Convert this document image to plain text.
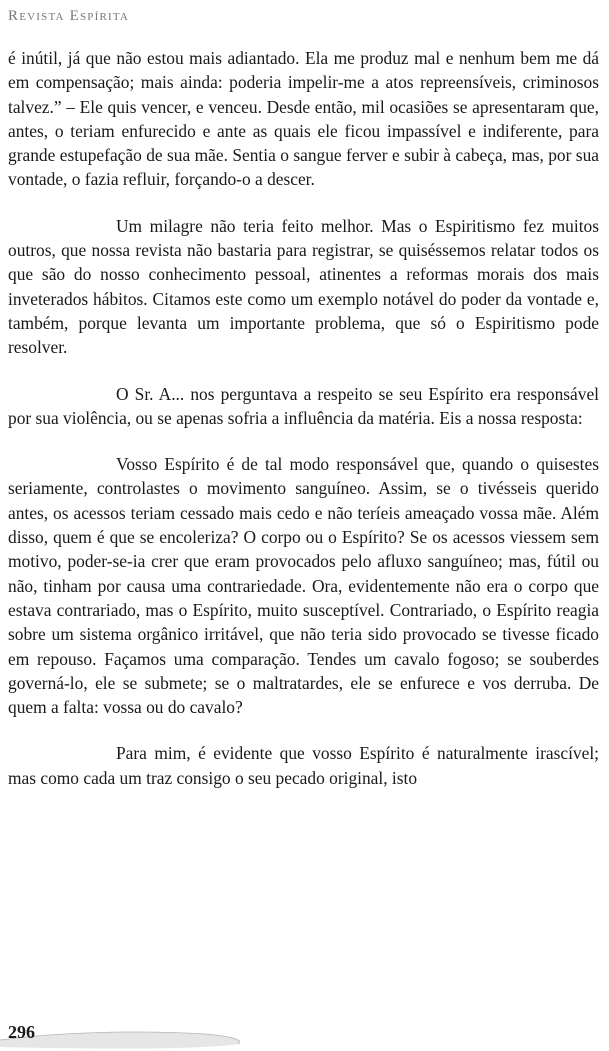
Revista Espírita

é inútil, já que não estou mais adiantado. Ela me produz mal e nenhum bem me dá em compensação; mais ainda: poderia impelir-me a atos repreensíveis, criminosos talvez.” – Ele quis vencer, e venceu. Desde então, mil ocasiões se apresentaram que, antes, o teriam enfurecido e ante as quais ele ficou impassível e indiferente, para grande estupefação de sua mãe. Sentia o sangue ferver e subir à cabeça, mas, por sua vontade, o fazia refluir, forçando-o a descer.

Um milagre não teria feito melhor. Mas o Espiritismo fez muitos outros, que nossa revista não bastaria para registrar, se quiséssemos relatar todos os que são do nosso conhecimento pessoal, atinentes a reformas morais dos mais inveterados hábitos. Citamos este como um exemplo notável do poder da vontade e, também, porque levanta um importante problema, que só o Espiritismo pode resolver.

O Sr. A... nos perguntava a respeito se seu Espírito era responsável por sua violência, ou se apenas sofria a influência da matéria. Eis a nossa resposta:

Vosso Espírito é de tal modo responsável que, quando o quisestes seriamente, controlastes o movimento sanguíneo. Assim, se o tivésseis querido antes, os acessos teriam cessado mais cedo e não teríeis ameaçado vossa mãe. Além disso, quem é que se encoleriza? O corpo ou o Espírito? Se os acessos viessem sem motivo, poder-se-ia crer que eram provocados pelo afluxo sanguíneo; mas, fútil ou não, tinham por causa uma contrariedade. Ora, evidentemente não era o corpo que estava contrariado, mas o Espírito, muito susceptível. Contrariado, o Espírito reagia sobre um sistema orgânico irritável, que não teria sido provocado se tivesse ficado em repouso. Façamos uma comparação. Tendes um cavalo fogoso; se souberdes governá-lo, ele se submete; se o maltratardes, ele se enfurece e vos derruba. De quem a falta: vossa ou do cavalo?

Para mim, é evidente que vosso Espírito é naturalmente irascível; mas como cada um traz consigo o seu pecado original, isto

296
